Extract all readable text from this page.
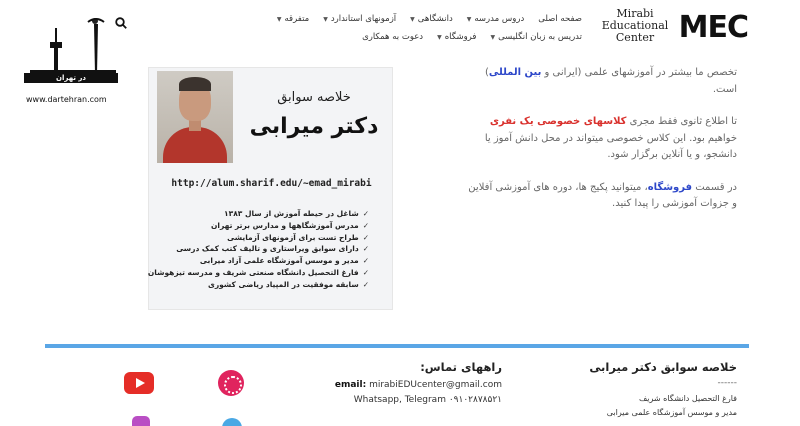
Mirabi
Educational
Center MEC
صفحه اصلی
دروس مدرسه
▼
دانشگاهی
▼
آزمونهای استاندارد
▼
متفرقه
▼
تدریس به زبان انگلیسی
▼
فروشگاه
▼
دعوت به همکاری
در تهران
www.dartehran.com	خلاصه سوابق
دکتر میرابی
http://alum.sharif.edu/~emad_mirabi
✓شاغل در حیطه آموزش از سال ۱۳۸۳
✓مدرس آموزشگاهها و مدارس برتر تهران
✓طراح تست برای آزمونهای آزمایشی
✓دارای سوابق ویراستاری و تالیف کتب کمک درسی
✓مدیر و موسس آموزشگاه علمی آزاد میرابی
✓فارغ التحصیل دانشگاه صنعتی شریف و مدرسه تیزهوشان
✓سابقه موفقیت در المپیاد ریاضی کشوری

تخصص ما بیشتر در آموزشهای علمی (ایرانی و بین المللی) است.

تا اطلاع ثانوی فقط مجری کلاسهای خصوصی یک نفری خواهیم بود. این کلاس خصوصی میتواند در محل دانش آموز یا دانشجو، و یا آنلاین برگزار شود.

در قسمت فروشگاه، میتوانید پکیج ها، دوره های آموزشی آفلاین و جزوات آموزشی را پیدا کنید.

خلاصه سوابق دکتر میرابی
------
فارغ التحصیل دانشگاه شریف
مدیر و موسس آموزشگاه علمی میرابی
راههای تماس:
email: mirabiEDUcenter@gmail.com
Whatsapp, Telegram ۰۹۱۰۲۸۷۸۵۲۱
